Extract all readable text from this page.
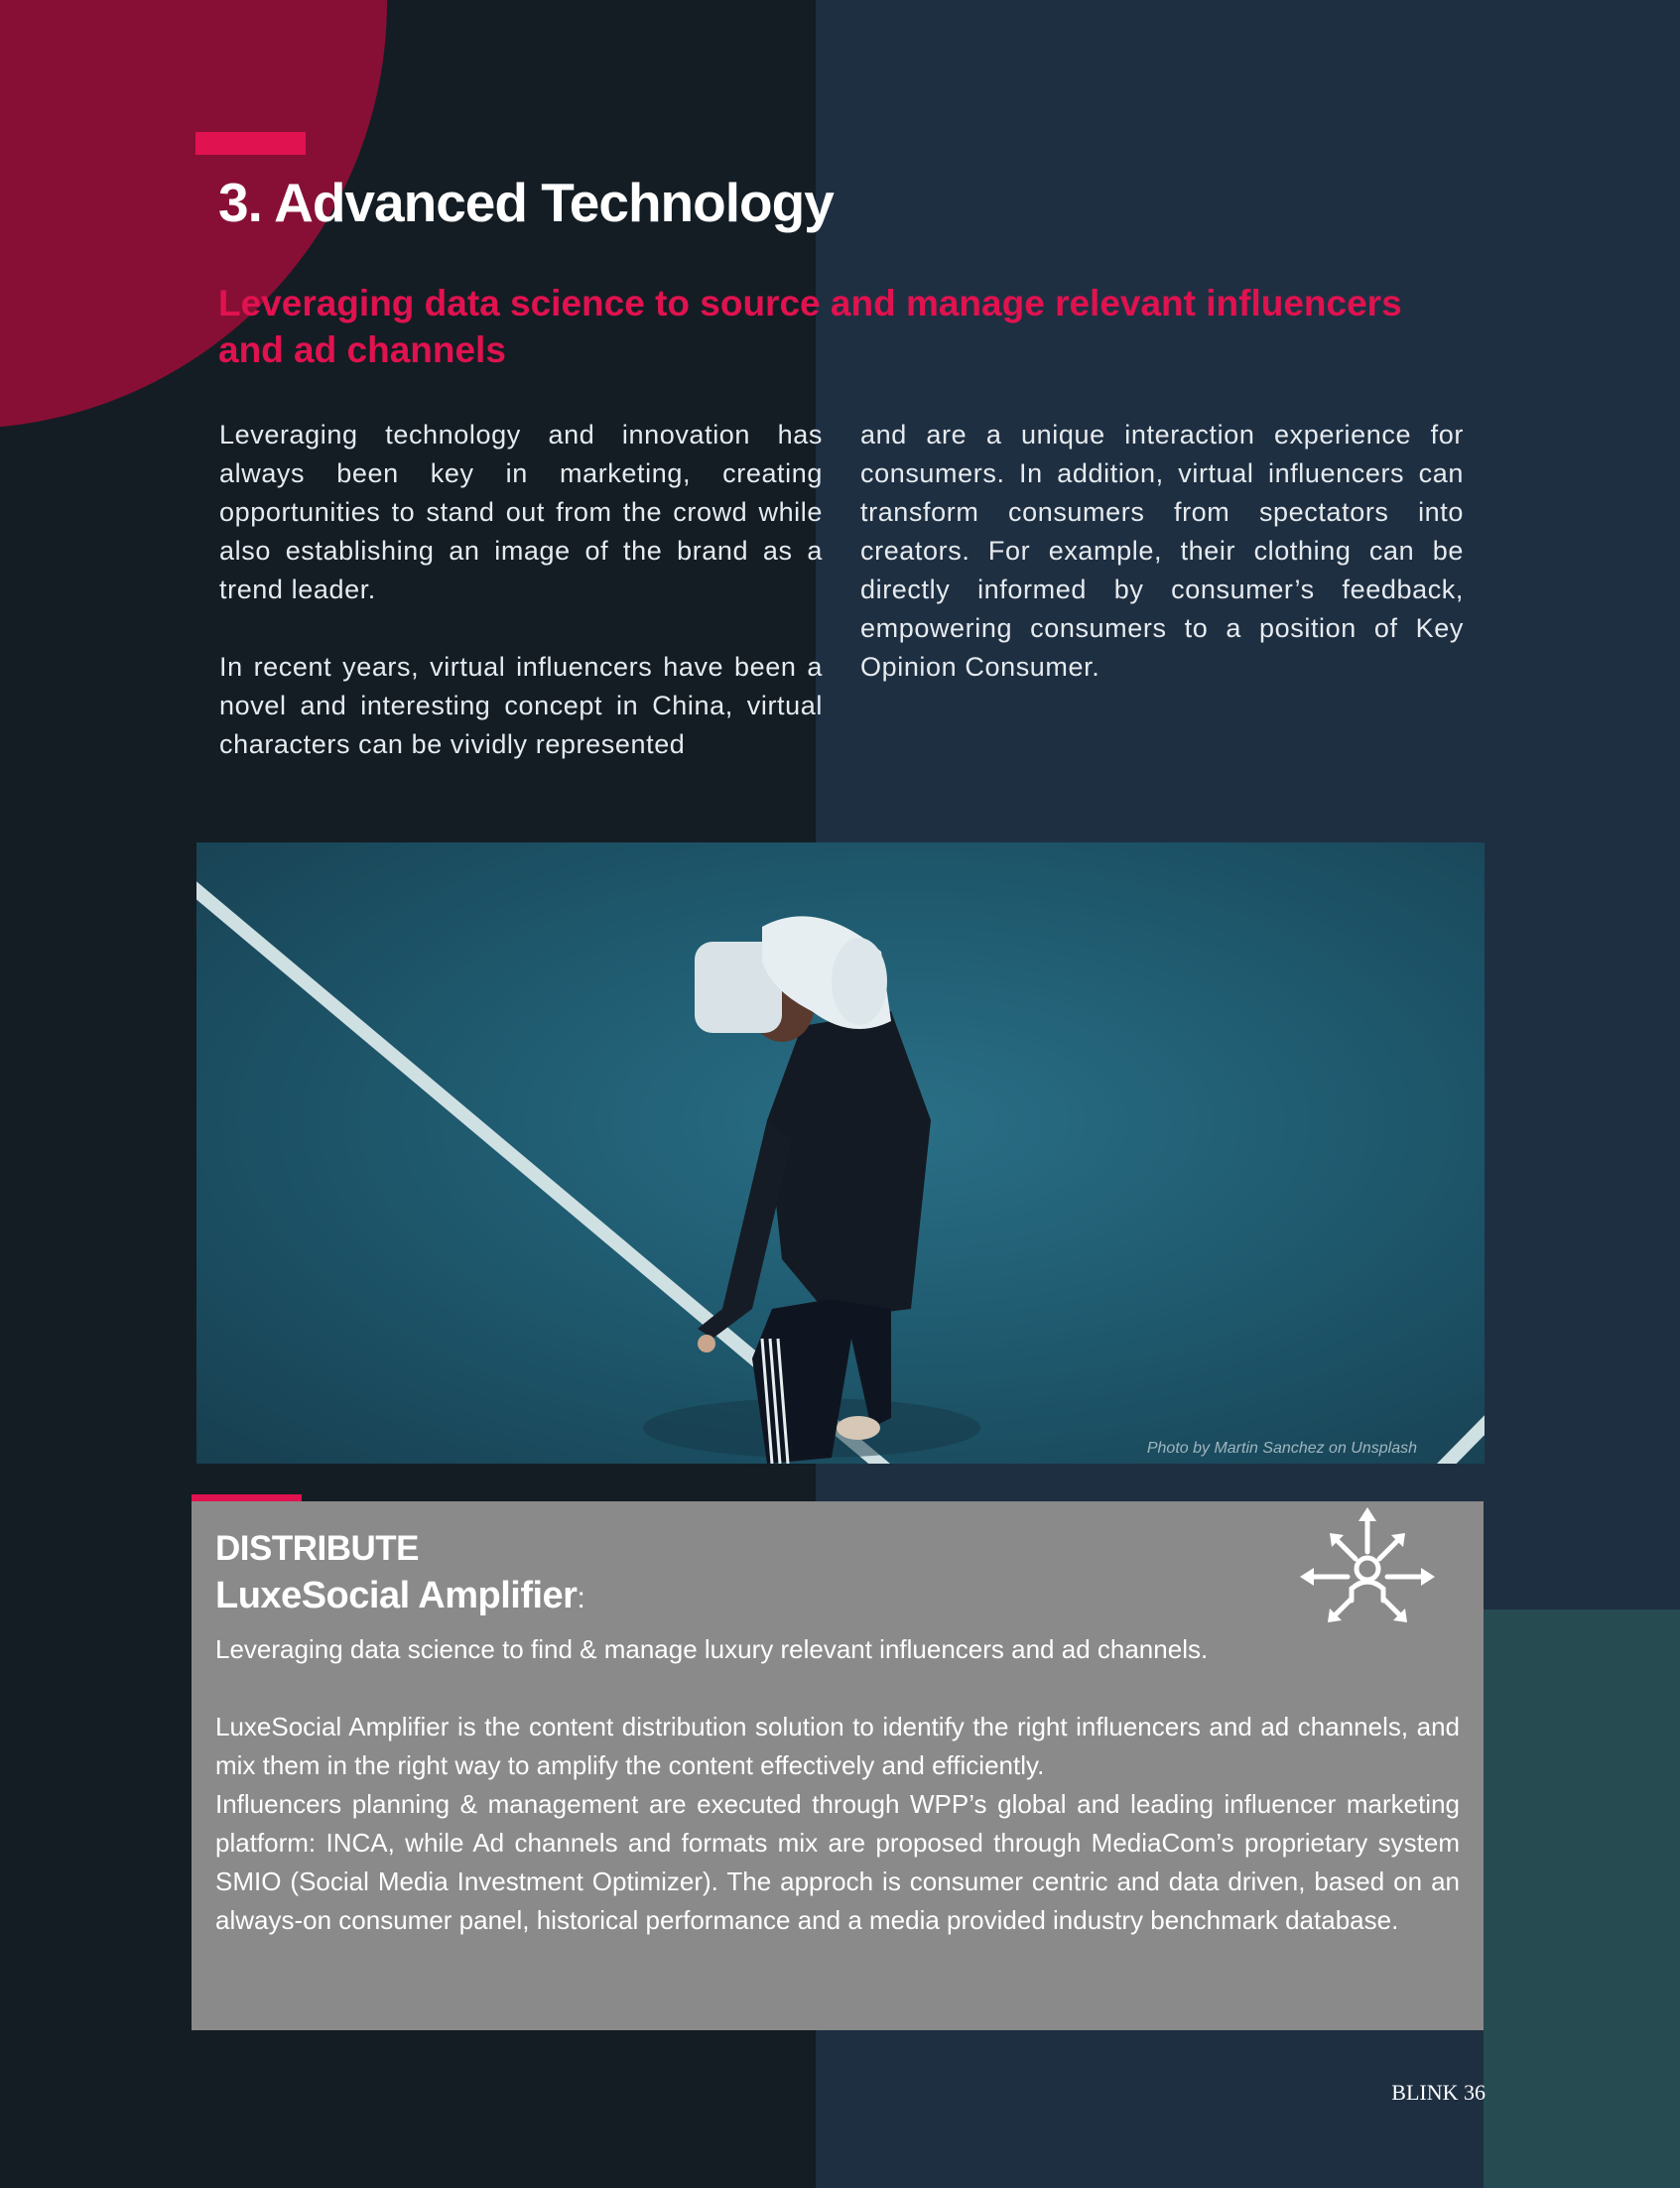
3. Advanced Technology
Leveraging data science to source and manage relevant influencers and ad channels

Leveraging technology and innovation has always been key in marketing, creating opportunities to stand out from the crowd while also establishing an image of the brand as a trend leader.

In recent years, virtual influencers have been a novel and interesting concept in China, virtual characters can be vividly represented

and are a unique interaction experience for consumers. In addition, virtual influencers can transform consumers from spectators into creators. For example, their clothing can be directly informed by consumer’s feedback, empowering consumers to a position of Key Opinion Consumer.

Photo by Martin Sanchez on Unsplash
DISTRIBUTE
LuxeSocial Amplifier:

Leveraging data science to find & manage luxury relevant influencers and ad channels.

LuxeSocial Amplifier is the content distribution solution to identify the right influencers and ad channels, and mix them in the right way to amplify the content effectively and efficiently.

Influencers planning & management are executed through WPP’s global and leading influencer marketing platform: INCA, while Ad channels and formats mix are proposed through MediaCom’s proprietary system SMIO (Social Media Investment Optimizer). The approch is consumer centric and data driven, based on an always-on consumer panel, historical performance and a media provided industry benchmark database.

BLINK 36
